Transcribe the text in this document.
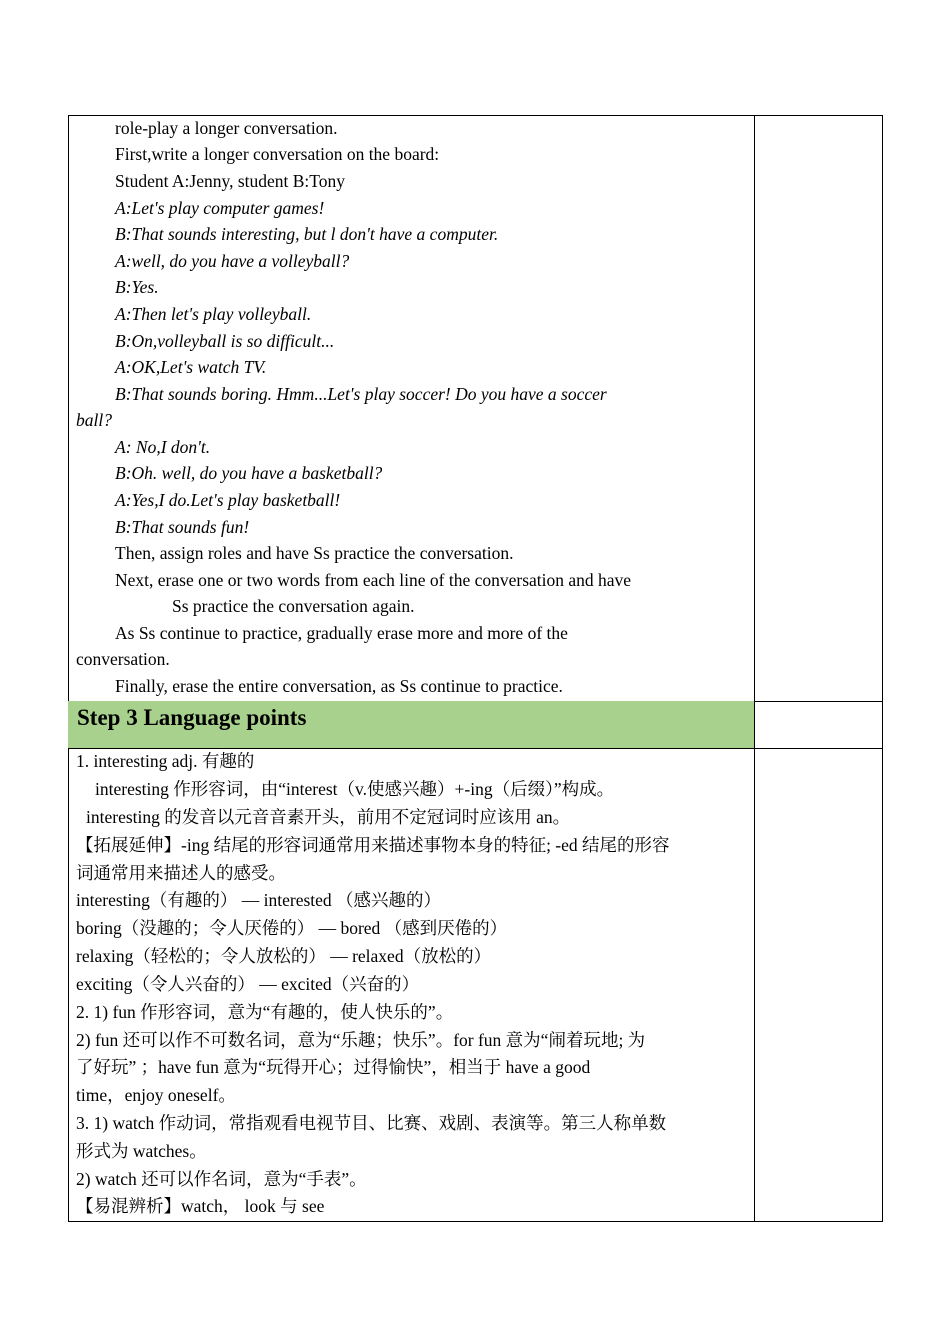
role-play a longer conversation.
First,write a longer conversation on the board:
Student A:Jenny, student B:Tony
A:Let's play computer games!
B:That sounds interesting, but l don't have a computer.
A:well, do you have a volleyball?
B:Yes.
A:Then let's play volleyball.
B:On,volleyball is so difficult...
A:OK,Let's watch TV.
B:That sounds boring. Hmm...Let's play soccer! Do you have a soccer
ball?
A: No,I don't.
B:Oh. well, do you have a basketball?
A:Yes,I do.Let's play basketball!
B:That sounds fun!
Then, assign roles and have Ss practice the conversation.
Next, erase one or two words from each line of the conversation and have
Ss practice the conversation again.
As Ss continue to practice, gradually erase more and more of the
conversation.
Finally, erase the entire conversation, as Ss continue to practice.
Step 3 Language points
1. interesting adj. 有趣的
interesting 作形容词，由“interest（v.使感兴趣）+-ing（后缀）”构成。
interesting 的发音以元音音素开头，前用不定冠词时应该用 an。
【拓展延伸】-ing 结尾的形容词通常用来描述事物本身的特征; -ed 结尾的形容
词通常用来描述人的感受。
interesting（有趣的） — interested （感兴趣的）
boring（没趣的；令人厌倦的） — bored （感到厌倦的）
relaxing（轻松的；令人放松的） — relaxed（放松的）
exciting（令人兴奋的） — excited（兴奋的）
2. 1) fun 作形容词，意为“有趣的，使人快乐的”。
2) fun 还可以作不可数名词，意为“乐趣；快乐”。for fun 意为“闹着玩地; 为
了好玩” ；have fun 意为“玩得开心；过得愉快”，相当于 have a good
time，enjoy oneself。
3. 1) watch 作动词，常指观看电视节目、比赛、戏剧、表演等。第三人称单数
形式为 watches。
2) watch 还可以作名词，意为“手表”。
【易混辨析】watch， look 与 see
